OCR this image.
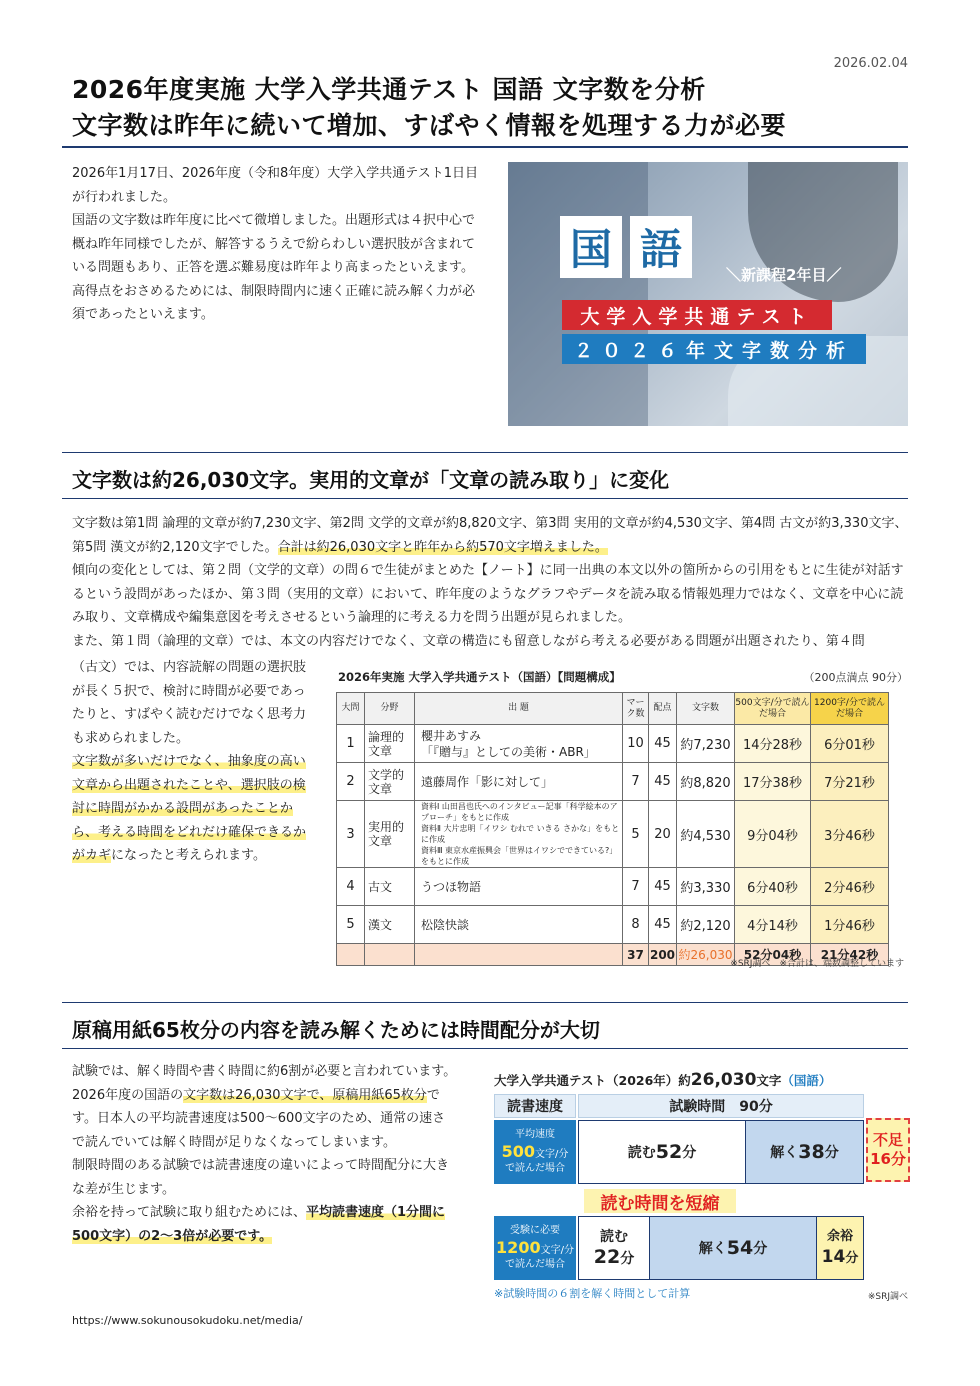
2026.02.04
2026年度実施 大学入学共通テスト 国語 文字数を分析
文字数は昨年に続いて増加、すばやく情報を処理する力が必要

2026年1月17日、2026年度（令和8年度）大学入学共通テスト1日目が行われました。

国語の文字数は昨年度に比べて微増しました。出題形式は４択中心で概ね昨年同様でしたが、解答するうえで紛らわしい選択肢が含まれている問題もあり、正答を選ぶ難易度は昨年より高まったといえます。

高得点をおさめるためには、制限時間内に速く正確に読み解く力が必須であったといえます。

国 語
＼新課程2年目／
大学入学共通テスト
２０２６年文字数分析
文字数は約26,030文字。実用的文章が「文章の読み取り」に変化
文字数は第1問 論理的文章が約7,230文字、第2問 文学的文章が約8,820文字、第3問 実用的文章が約4,530文字、第4問 古文が約3,330文字、第5問 漢文が約2,120文字でした。合計は約26,030文字と昨年から約570文字増えました。
傾向の変化としては、第２問（文学的文章）の問６で生徒がまとめた【ノート】に同一出典の本文以外の箇所からの引用をもとに生徒が対話するという設問があったほか、第３問（実用的文章）において、昨年度のようなグラフやデータを読み取る情報処理力ではなく、文章を中心に読み取り、文章構成や編集意図を考えさせるという論理的に考える力を問う出題が見られました。
また、第１問（論理的文章）では、本文の内容だけでなく、文章の構造にも留意しながら考える必要がある問題が出題されたり、第４問
（古文）では、内容読解の問題の選択肢が長く５択で、検討に時間が必要であったりと、すばやく読むだけでなく思考力も求められました。
文字数が多いだけでなく、抽象度の高い文章から出題されたことや、選択肢の検討に時間がかかる設問があったことから、考える時間をどれだけ確保できるかがカギになったと考えられます。
2026年実施 大学入学共通テスト（国語）【問題構成】	（200点満点 90分）
大問	分野	出 題	マーク数	配点	文字数	500文字/分で読んだ場合	1200字/分で読んだ場合
1	論理的文章	櫻井あすみ
「『贈与』としての美術・ABR」	10	45	約7,230	14分28秒	6分01秒
2	文学的文章	遠藤周作「影に対して」	7	45	約8,820	17分38秒	7分21秒
3	実用的文章	資料Ⅰ 山田昌也氏へのインタビュー記事「科学絵本のアプローチ」をもとに作成
資料Ⅱ 大片忠明「イワシ むれで いきる さかな」をもとに作成
資料Ⅲ 東京水産振興会「世界はイワシでできている?」をもとに作成	5	20	約4,530	9分04秒	3分46秒
4	古文	うつほ物語	7	45	約3,330	6分40秒	2分46秒
5	漢文	松陰快談	8	45	約2,120	4分14秒	1分46秒
			37	200	約26,030	52分04秒	21分42秒
※SRJ調べ　※合計は、端数調整しています
原稿用紙65枚分の内容を読み解くためには時間配分が大切
試験では、解く時間や書く時間に約6割が必要と言われています。
2026年度の国語の文字数は26,030文字で、原稿用紙65枚分です。日本人の平均読書速度は500～600文字のため、通常の速さで読んでいては解く時間が足りなくなってしまいます。
制限時間のある試験では読書速度の違いによって時間配分に大きな差が生じます。
余裕を持って試験に取り組むためには、平均読書速度（1分間に500文字）の2～3倍が必要です。
大学入学共通テスト（2026年）約26,030文字（国語）
読書速度	試験時間　90分
平均速度
500文字/分
で読んだ場合
読む 52 分	解く 38 分
不足
16分
読む時間を短縮
受験に必要
1200文字/分
で読んだ場合
読む
22分
解く 54 分
余裕
14分
※試験時間の６割を解く時間として計算	※SRJ調べ
https://www.sokunousokudoku.net/media/
